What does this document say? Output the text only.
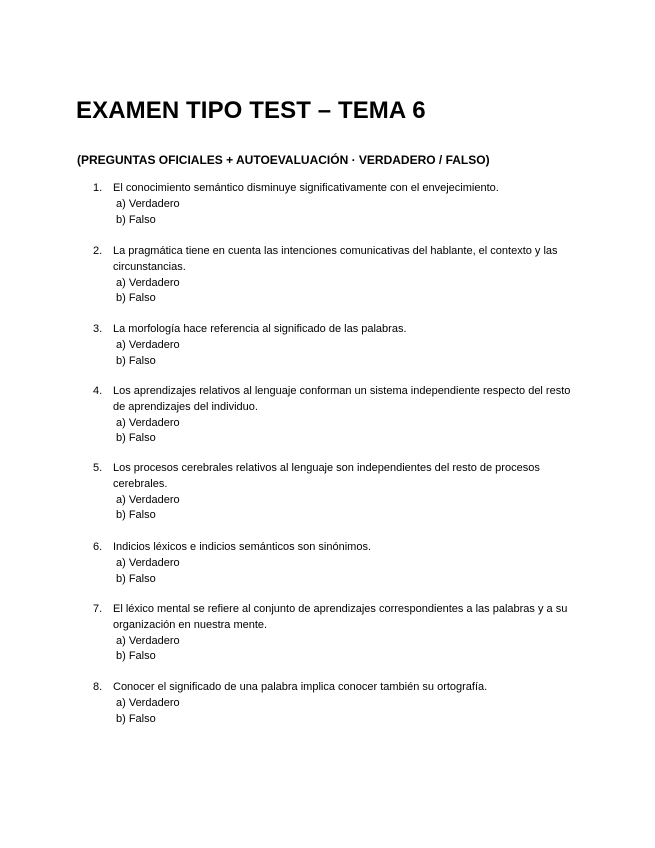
EXAMEN TIPO TEST – TEMA 6

(PREGUNTAS OFICIALES + AUTOEVALUACIÓN · VERDADERO / FALSO)

1. El conocimiento semántico disminuye significativamente con el envejecimiento.
a) Verdadero
b) Falso
2. La pragmática tiene en cuenta las intenciones comunicativas del hablante, el contexto y las circunstancias.
a) Verdadero
b) Falso
3. La morfología hace referencia al significado de las palabras.
a) Verdadero
b) Falso
4. Los aprendizajes relativos al lenguaje conforman un sistema independiente respecto del resto de aprendizajes del individuo.
a) Verdadero
b) Falso
5. Los procesos cerebrales relativos al lenguaje son independientes del resto de procesos cerebrales.
a) Verdadero
b) Falso
6. Indicios léxicos e indicios semánticos son sinónimos.
a) Verdadero
b) Falso
7. El léxico mental se refiere al conjunto de aprendizajes correspondientes a las palabras y a su organización en nuestra mente.
a) Verdadero
b) Falso
8. Conocer el significado de una palabra implica conocer también su ortografía.
a) Verdadero
b) Falso
